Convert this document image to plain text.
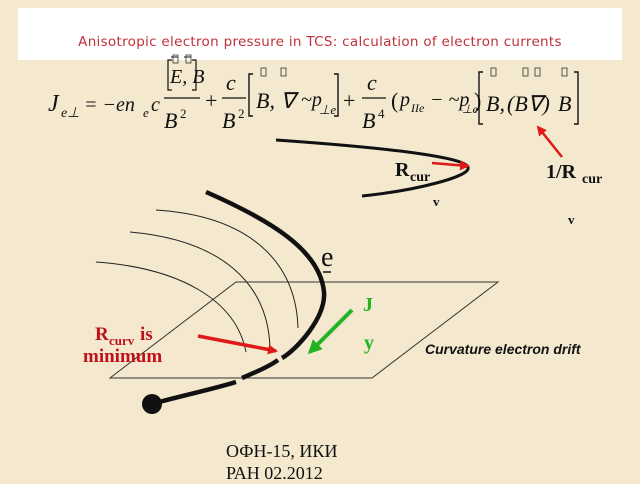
Anisotropic electron pressure in TCS: calculation of electron currents
J e⊥ = −en e c
E, B
B 2
+
c
B 2
B, ∇ ~p
⊥e +
c
B 4
( p IIe − ~p
⊥e
) B, (B∇) B
R cur
v
1/R cur
v
e
J
y
R curv is
minimum	Curvature electron drift
ОФН-15, ИКИ
РАН 02.2012
